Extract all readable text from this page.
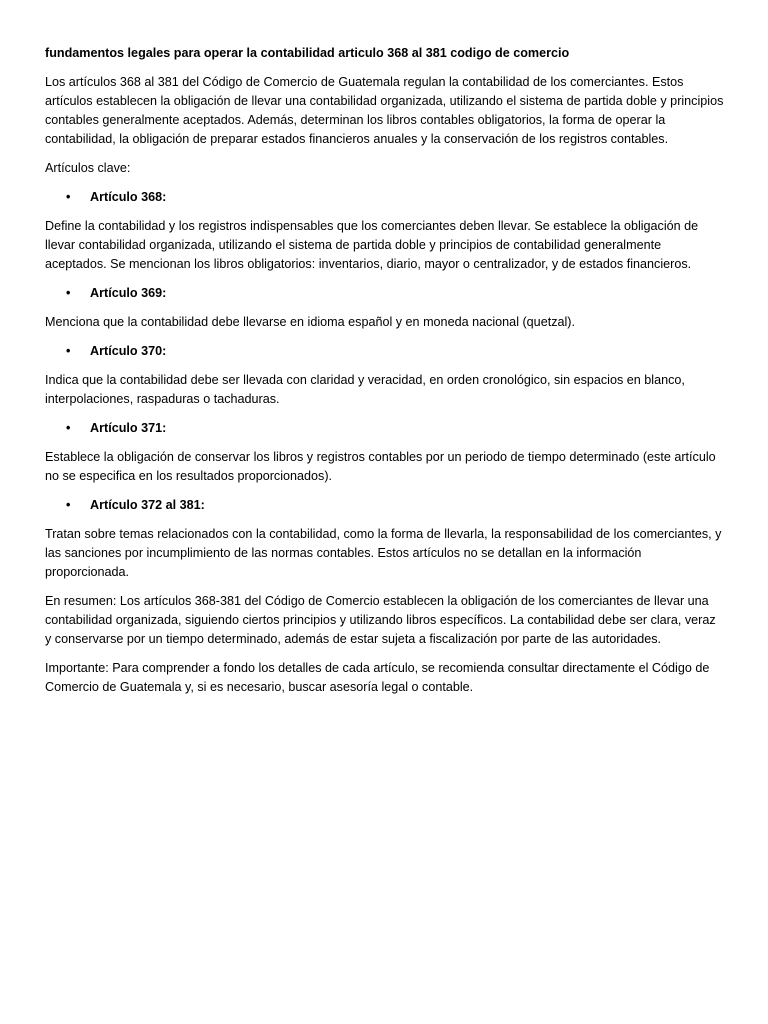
fundamentos legales para operar la contabilidad articulo 368 al 381 codigo de comercio

Los artículos 368 al 381 del Código de Comercio de Guatemala regulan la contabilidad de los comerciantes. Estos artículos establecen la obligación de llevar una contabilidad organizada, utilizando el sistema de partida doble y principios contables generalmente aceptados. Además, determinan los libros contables obligatorios, la forma de operar la contabilidad, la obligación de preparar estados financieros anuales y la conservación de los registros contables.

Artículos clave:

•	Artículo 368:

Define la contabilidad y los registros indispensables que los comerciantes deben llevar. Se establece la obligación de llevar contabilidad organizada, utilizando el sistema de partida doble y principios de contabilidad generalmente aceptados. Se mencionan los libros obligatorios: inventarios, diario, mayor o centralizador, y de estados financieros.

•	Artículo 369:

Menciona que la contabilidad debe llevarse en idioma español y en moneda nacional (quetzal).

•	Artículo 370:

Indica que la contabilidad debe ser llevada con claridad y veracidad, en orden cronológico, sin espacios en blanco, interpolaciones, raspaduras o tachaduras.

•	Artículo 371:

Establece la obligación de conservar los libros y registros contables por un periodo de tiempo determinado (este artículo no se especifica en los resultados proporcionados).

•	Artículo 372 al 381:

Tratan sobre temas relacionados con la contabilidad, como la forma de llevarla, la responsabilidad de los comerciantes, y las sanciones por incumplimiento de las normas contables. Estos artículos no se detallan en la información proporcionada.

En resumen: Los artículos 368-381 del Código de Comercio establecen la obligación de los comerciantes de llevar una contabilidad organizada, siguiendo ciertos principios y utilizando libros específicos. La contabilidad debe ser clara, veraz y conservarse por un tiempo determinado, además de estar sujeta a fiscalización por parte de las autoridades.

Importante: Para comprender a fondo los detalles de cada artículo, se recomienda consultar directamente el Código de Comercio de Guatemala y, si es necesario, buscar asesoría legal o contable.
